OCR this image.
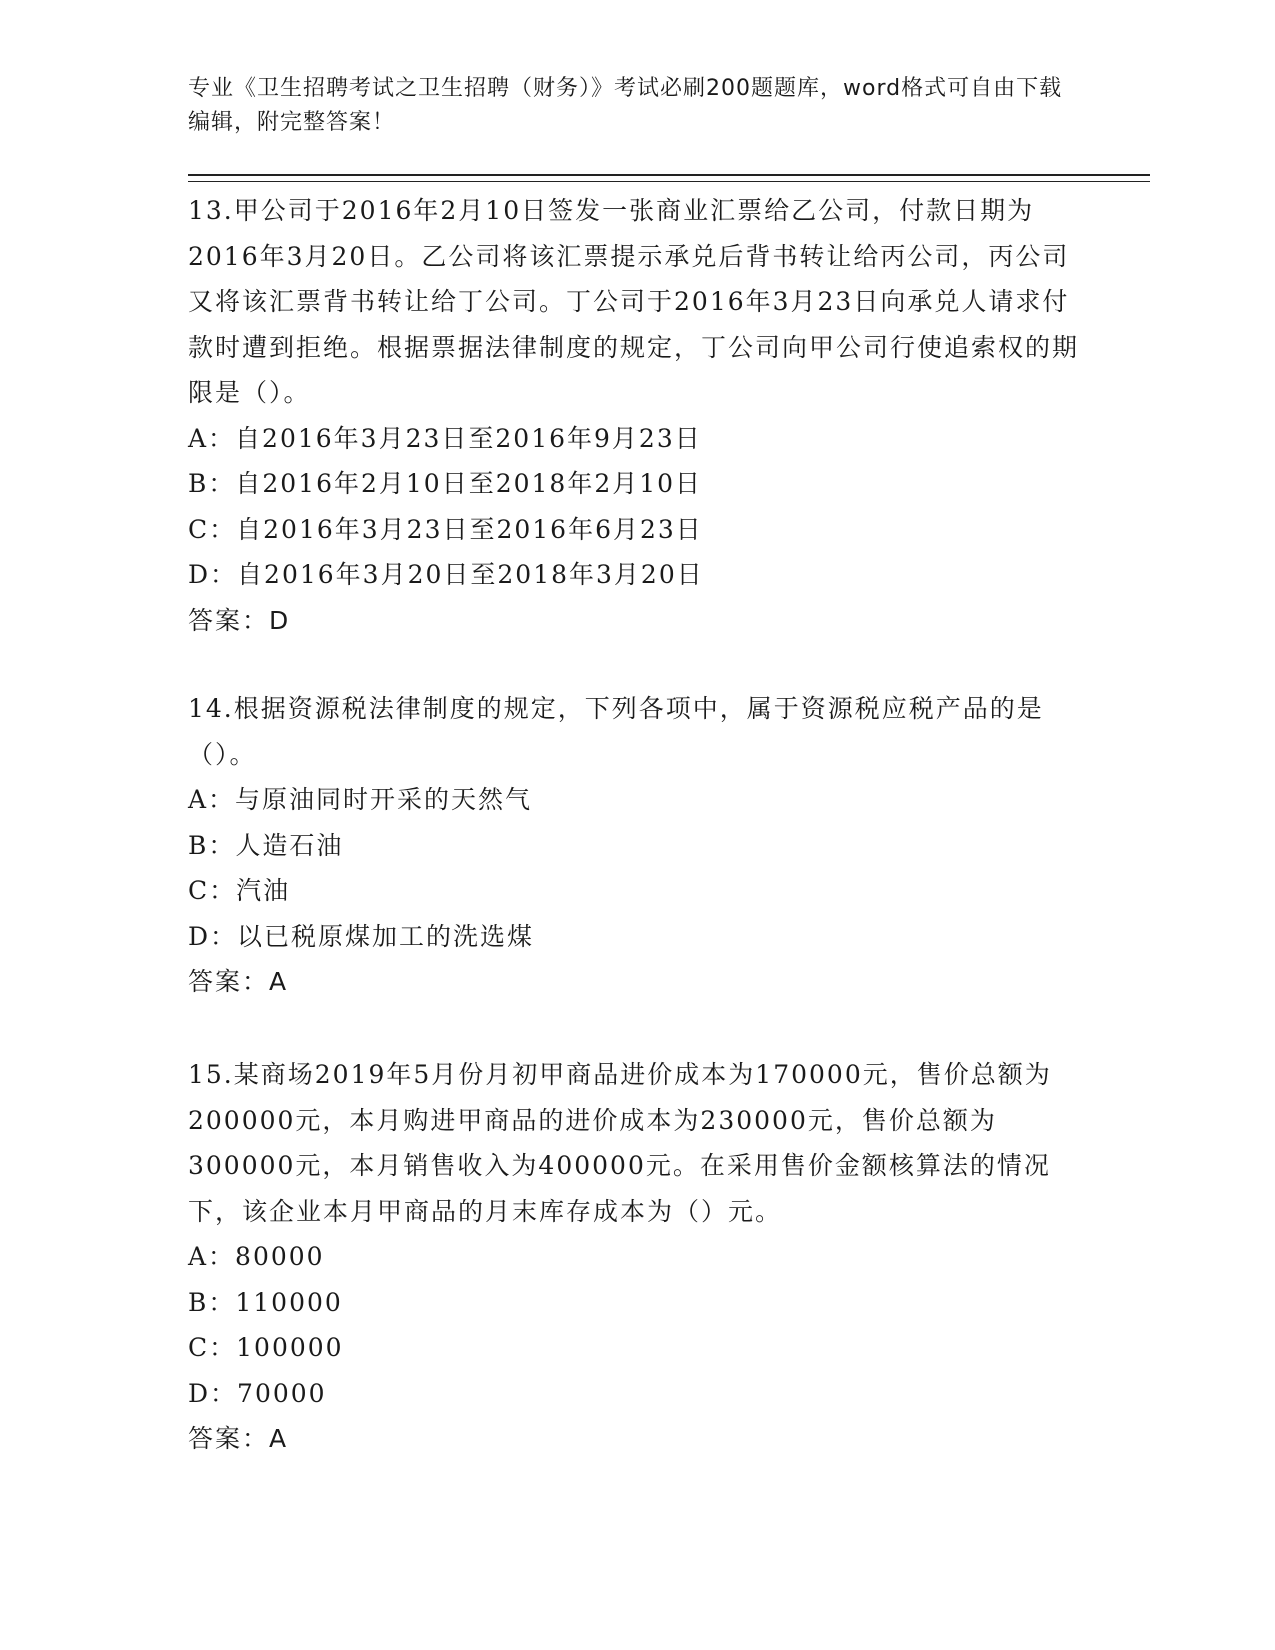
专业《卫生招聘考试之卫生招聘（财务）》考试必刷200题题库，word格式可自由下载编辑，附完整答案！

13.甲公司于2016年2月10日签发一张商业汇票给乙公司，付款日期为2016年3月20日。乙公司将该汇票提示承兑后背书转让给丙公司，丙公司又将该汇票背书转让给丁公司。丁公司于2016年3月23日向承兑人请求付款时遭到拒绝。根据票据法律制度的规定，丁公司向甲公司行使追索权的期限是（）。

A：自2016年3月23日至2016年9月23日

B：自2016年2月10日至2018年2月10日

C：自2016年3月23日至2016年6月23日

D：自2016年3月20日至2018年3月20日

答案：D

14.根据资源税法律制度的规定，下列各项中，属于资源税应税产品的是（）。

A：与原油同时开采的天然气

B：人造石油

C：汽油

D：以已税原煤加工的洗选煤

答案：A

15.某商场2019年5月份月初甲商品进价成本为170000元，售价总额为200000元，本月购进甲商品的进价成本为230000元，售价总额为300000元，本月销售收入为400000元。在采用售价金额核算法的情况下，该企业本月甲商品的月末库存成本为（）元。

A：80000

B：110000

C：100000

D：70000

答案：A
